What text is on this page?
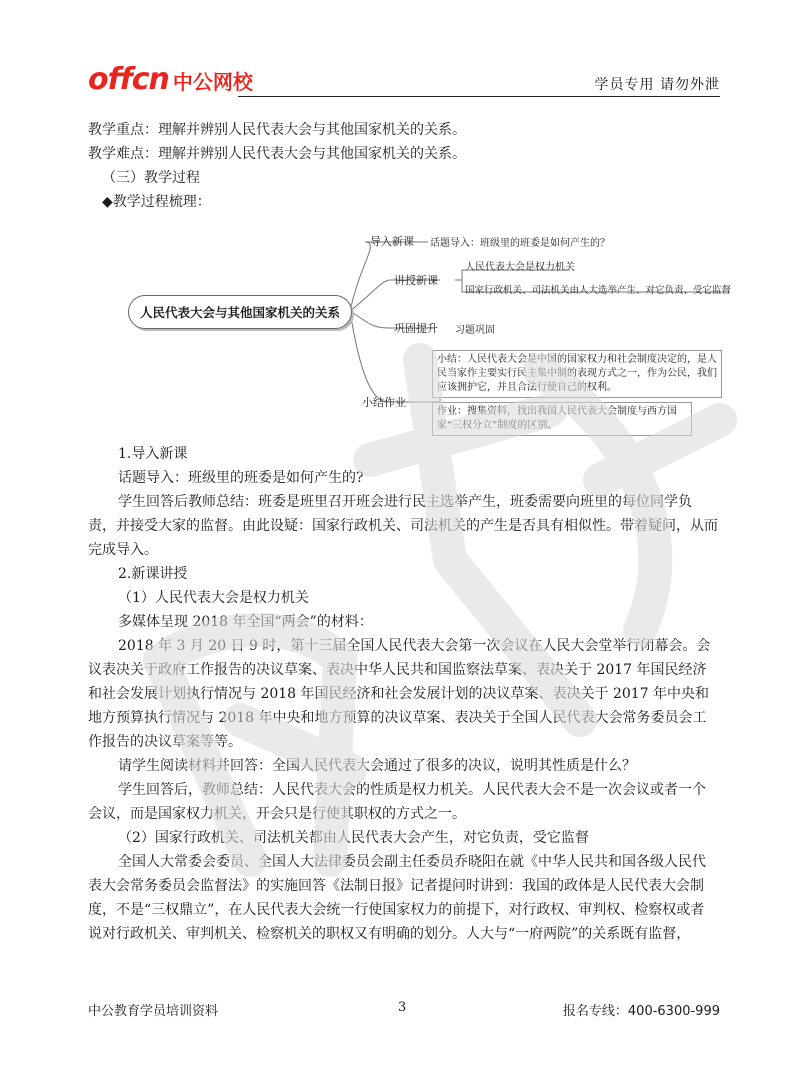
offcn 中公网校	学员专用 请勿外泄

教学重点：理解并辨别人民代表大会与其他国家机关的关系。

教学难点：理解并辨别人民代表大会与其他国家机关的关系。

（三）教学过程

◆教学过程梳理：

人民代表大会与其他国家机关的关系
导入新课 话题导入：班级里的班委是如何产生的？
讲授新课
人民代表大会是权力机关
国家行政机关、司法机关由人大选举产生、对它负责、受它监督
巩固提升 习题巩固
小结作业
小结：人民代表大会是中国的国家权力和社会制度决定的，是人民当家作主要实行民主集中制的表现方式之一，作为公民，我们应该拥护它，并且合法行使自己的权利。
作业：搜集资料，找出我国人民代表大会制度与西方国家“三权分立”制度的区别。

1.导入新课

话题导入：班级里的班委是如何产生的?

学生回答后教师总结：班委是班里召开班会进行民主选举产生，班委需要向班里的每位同学负责，并接受大家的监督。由此设疑：国家行政机关、司法机关的产生是否具有相似性。带着疑问，从而完成导入。

2.新课讲授

（1）人民代表大会是权力机关

多媒体呈现 2018 年全国“两会”的材料：

2018 年 3 月 20 日 9 时，第十三届全国人民代表大会第一次会议在人民大会堂举行闭幕会。会议表决关于政府工作报告的决议草案、表决中华人民共和国监察法草案、表决关于 2017 年国民经济和社会发展计划执行情况与 2018 年国民经济和社会发展计划的决议草案、表决关于 2017 年中央和地方预算执行情况与 2018 年中央和地方预算的决议草案、表决关于全国人民代表大会常务委员会工作报告的决议草案等等。

请学生阅读材料并回答：全国人民代表大会通过了很多的决议，说明其性质是什么？

学生回答后，教师总结：人民代表大会的性质是权力机关。人民代表大会不是一次会议或者一个会议，而是国家权力机关，开会只是行使其职权的方式之一。

（2）国家行政机关、司法机关都由人民代表大会产生，对它负责，受它监督

全国人大常委会委员、全国人大法律委员会副主任委员乔晓阳在就《中华人民共和国各级人民代表大会常务委员会监督法》的实施回答《法制日报》记者提问时讲到：我国的政体是人民代表大会制度，不是“三权鼎立”，在人民代表大会统一行使国家权力的前提下，对行政权、审判权、检察权或者说对行政机关、审判机关、检察机关的职权又有明确的划分。人大与“一府两院”的关系既有监督，

中公教育学员培训资料	3	报名专线：400-6300-999
